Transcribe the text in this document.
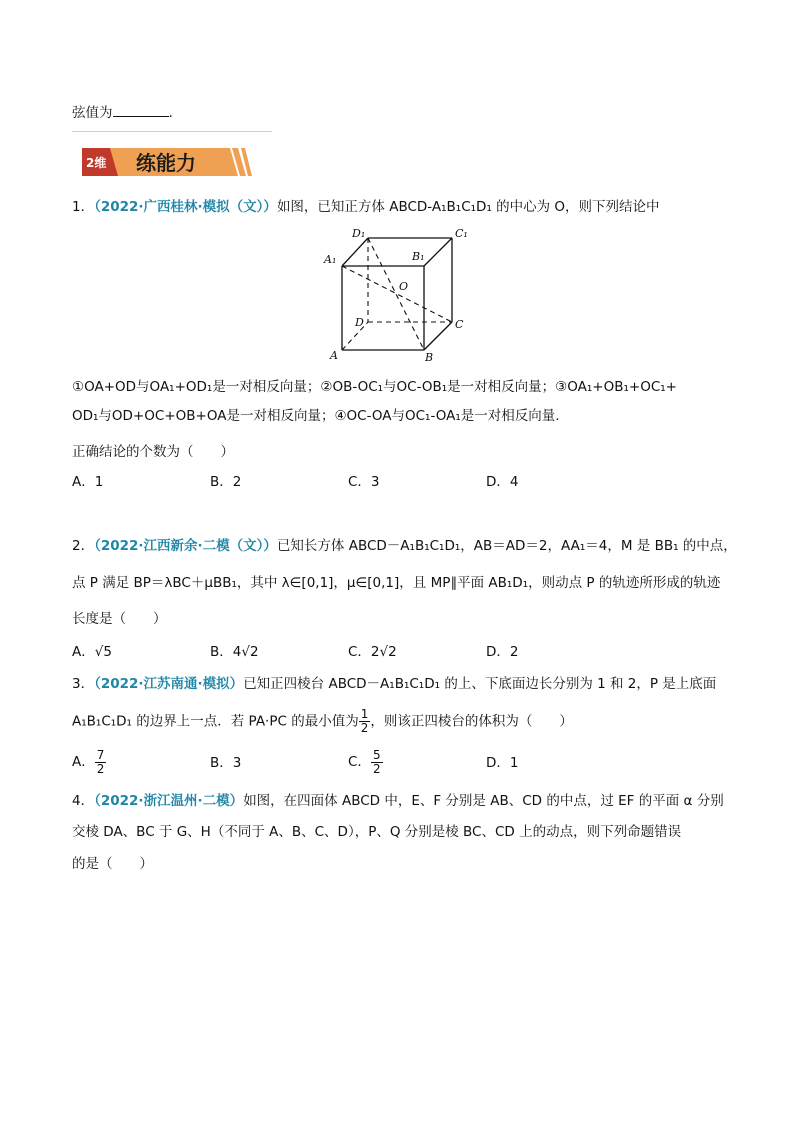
弦值为	.
2维 练能力
1．（2022·广西桂林·模拟（文））如图，已知正方体 ABCD-A₁B₁C₁D₁ 的中心为 O，则下列结论中
D₁	C₁
A₁	B₁
O
D	C
A	B
①OA+OD与OA₁+OD₁是一对相反向量；②OB-OC₁与OC-OB₁是一对相反向量；③OA₁+OB₁+OC₁+
OD₁与OD+OC+OB+OA是一对相反向量；④OC-OA与OC₁-OA₁是一对相反向量.
正确结论的个数为（　　）
A．1	B．2	C．3	D．4
2．（2022·江西新余·二模（文））已知长方体 ABCD－A₁B₁C₁D₁，AB＝AD＝2，AA₁＝4，M 是 BB₁ 的中点，
点 P 满足 BP＝λBC＋μBB₁，其中 λ∈[0,1]，μ∈[0,1]，且 MP∥平面 AB₁D₁，则动点 P 的轨迹所形成的轨迹
长度是（　　）
A．√5	B．4√2	C．2√2	D．2
3．（2022·江苏南通·模拟）已知正四棱台 ABCD－A₁B₁C₁D₁ 的上、下底面边长分别为 1 和 2，P 是上底面
A₁B₁C₁D₁ 的边界上一点．若 PA·PC 的最小值为 $\frac{1}{2}$ ，则该正四棱台的体积为（　　）
A． $\frac{7}{2}$	B．3	C． $\frac{5}{2}$	D．1
4．（2022·浙江温州·二模）如图，在四面体 ABCD 中，E、F 分别是 AB、CD 的中点，过 EF 的平面 α 分别
交棱 DA、BC 于 G、H（不同于 A、B、C、D），P、Q 分别是棱 BC、CD 上的动点，则下列命题错误
的是（　　）
